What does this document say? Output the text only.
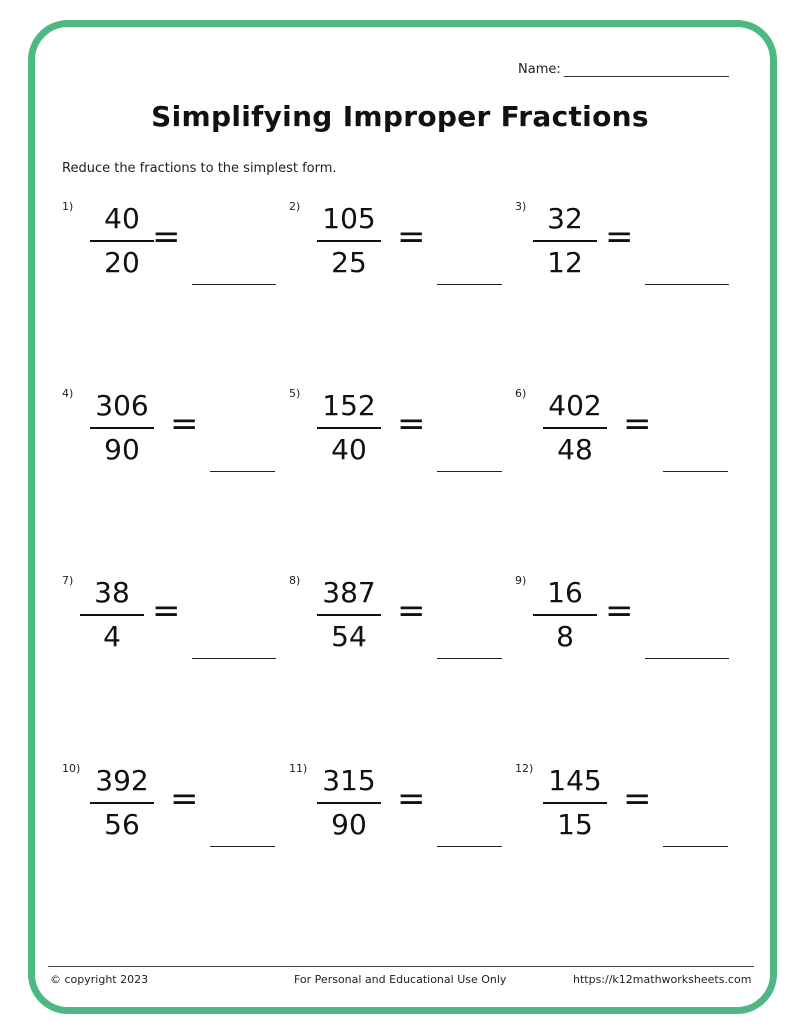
Name:
Simplifying Improper Fractions
Reduce the fractions to the simplest form.
$1) \frac{40}{20}$
=
$2) \frac{105}{25}$ =
$3) \frac{32}{12}$ =
$4) \frac{306}{90}$ =
$5) \frac{152}{40}$ =
$6) \frac{402}{48}$ =
$7) \frac{38}{4}$ =
$8) \frac{387}{54}$ =
$9) \frac{16}{8}$ =
$10) \frac{392}{56}$ =
$11) \frac{315}{90}$ =
$12) \frac{145}{15}$ =
© copyright 2023	For Personal and Educational Use Only	https://k12mathworksheets.com
